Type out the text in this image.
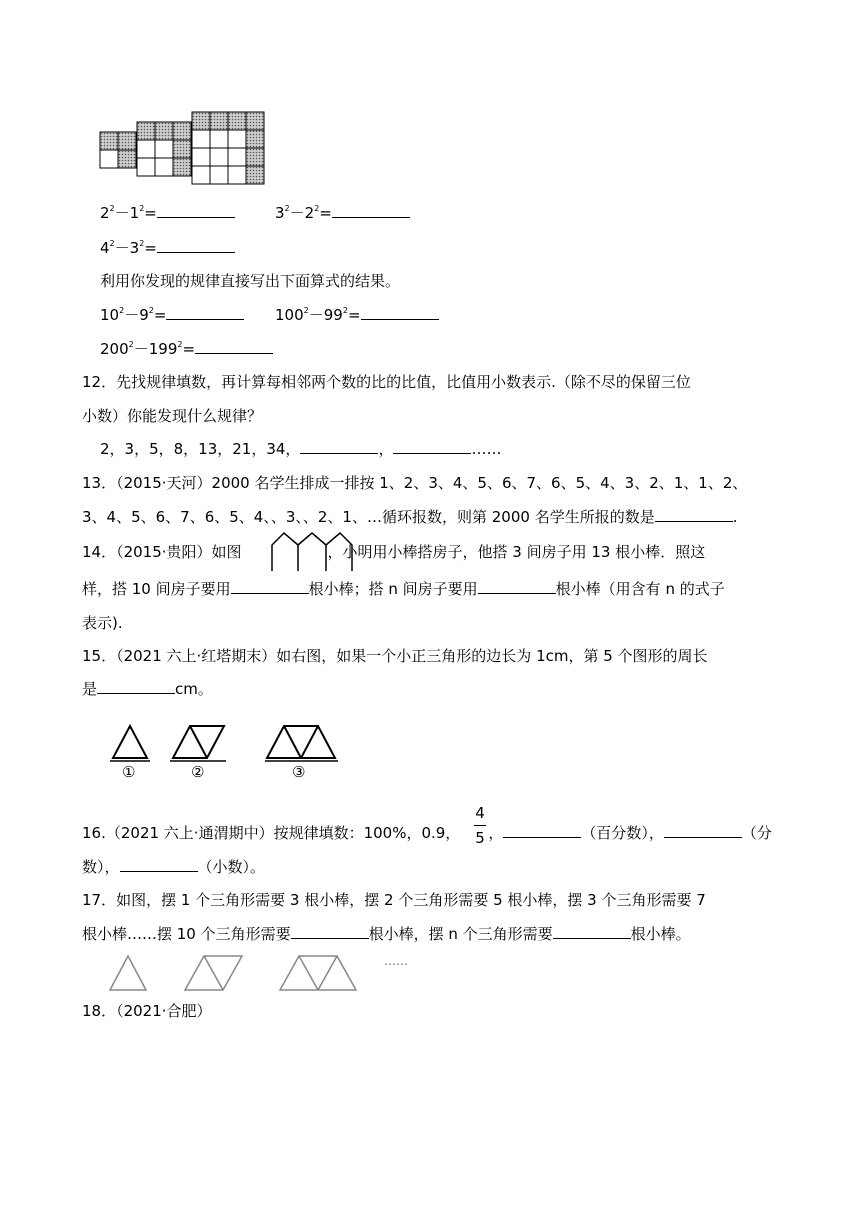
$2^2-1^2=$	$3^2-2^2=$
$4^2-3^2=$
利用你发现的规律直接写出下面算式的结果。
$10^2-9^2=$	$100^2-99^2=$
$200^2-199^2=$
12．先找规律填数，再计算每相邻两个数的比的比值，比值用小数表示.（除不尽的保留三位
小数）你能发现什么规律？
2，3，5，8，13，21，34，	，	……
13．（2015·天河）2000 名学生排成一排按 1、2、3、4、5、6、7、6、5、4、3、2、1、1、2、
3、4、5、6、7、6、5、4、、3、、2、1、…循环报数，则第 2000 名学生所报的数是	.
14．（2015·贵阳）如图	，小明用小棒搭房子，他搭 3 间房子用 13 根小棒．照这
样，搭 10 间房子要用	根小棒；搭 n 间房子要用	根小棒（用含有 n 的式子
表示).
15．（2021 六上·红塔期末）如右图，如果一个小正三角形的边长为 1cm，第 5 个图形的周长
是	cm。
①	②	③
16.（2021 六上·通渭期中）按规律填数：100%，0.9， ，	（百分数），	（分
4
5
数），	（小数）。
17．如图，摆 1 个三角形需要 3 根小棒，摆 2 个三角形需要 5 根小棒，摆 3 个三角形需要 7
根小棒……摆 10 个三角形需要	根小棒，摆 n 个三角形需要	根小棒。
……
18．（2021·合肥）
